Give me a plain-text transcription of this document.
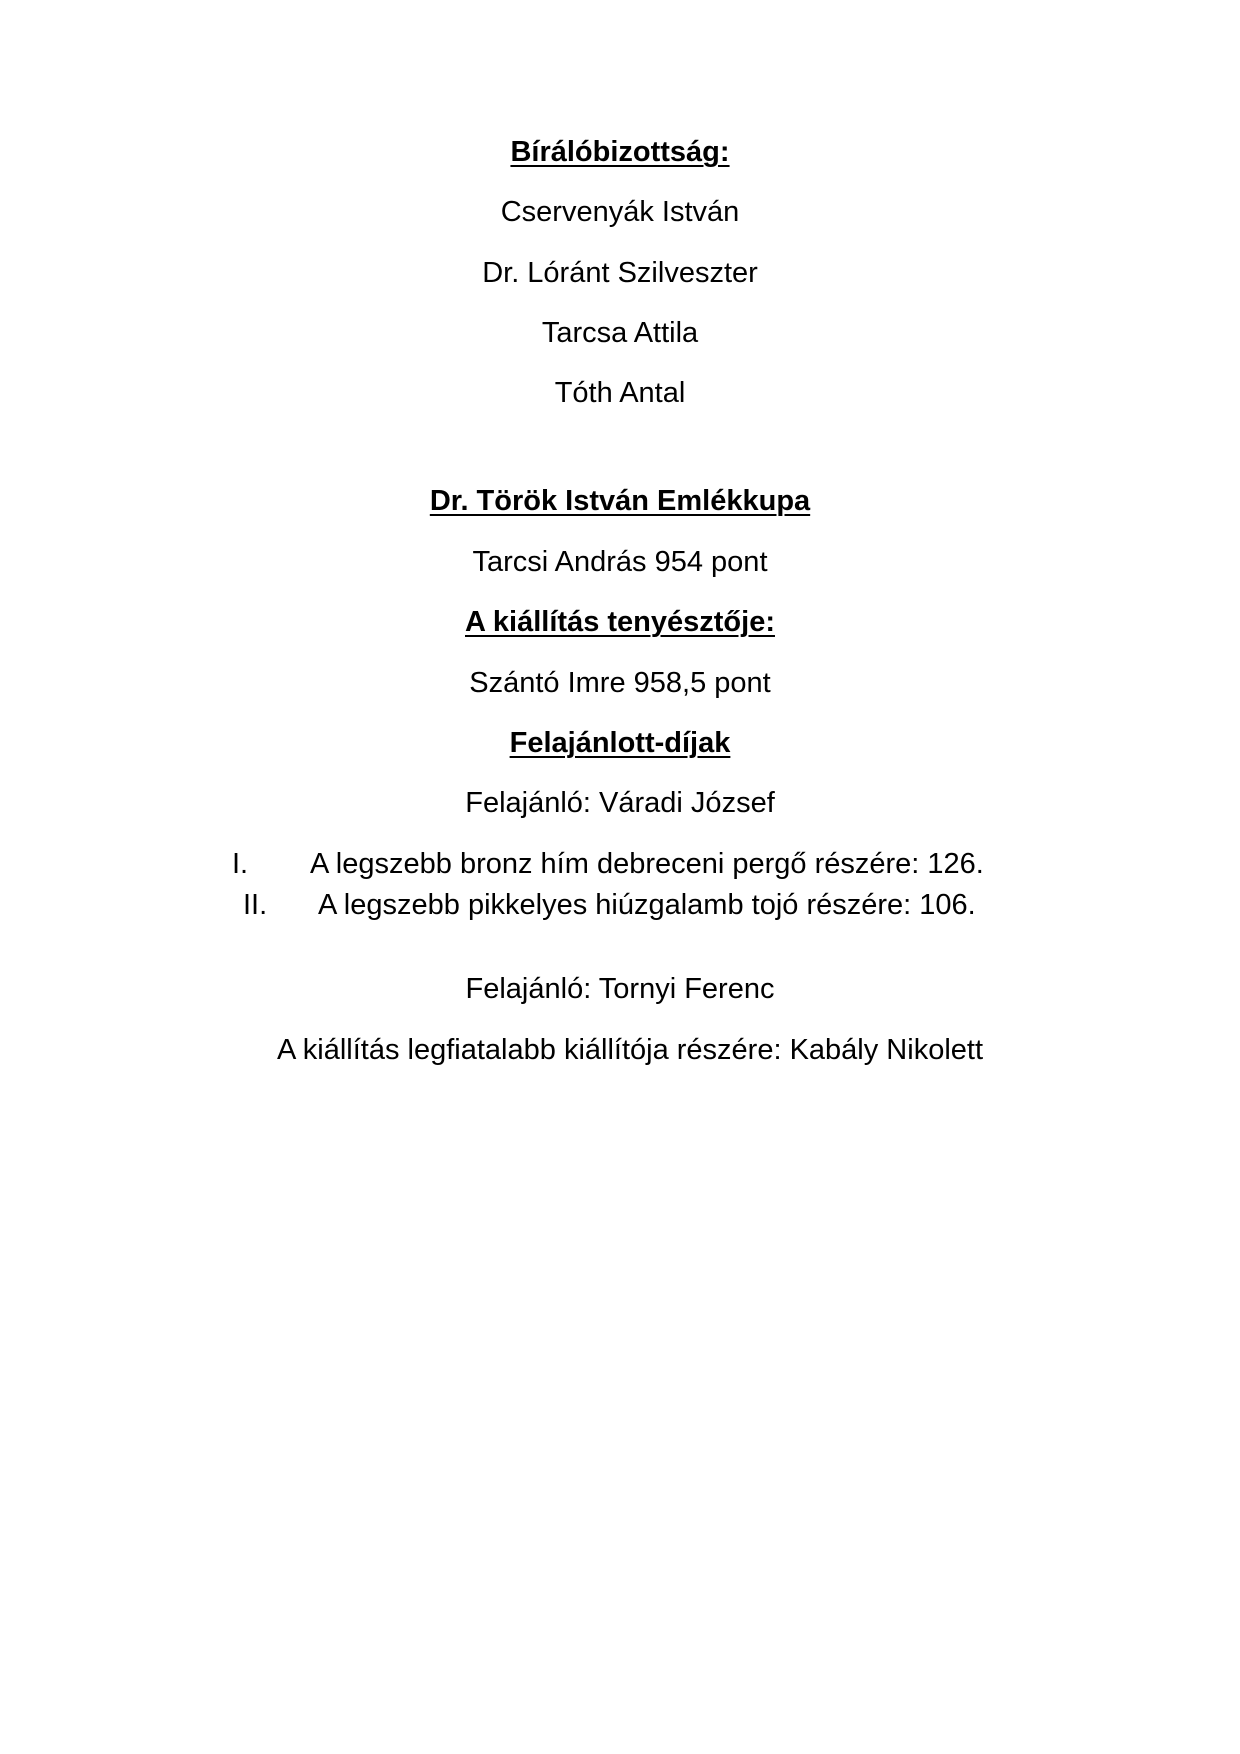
Bírálóbizottság:
Cservenyák István
Dr. Lóránt Szilveszter
Tarcsa Attila
Tóth Antal
Dr. Török István Emlékkupa
Tarcsi András 954 pont
A kiállítás tenyésztője:
Szántó Imre 958,5 pont
Felajánlott-díjak
Felajánló: Váradi József
I. A legszebb bronz hím debreceni pergő részére: 126.
II. A legszebb pikkelyes hiúzgalamb tojó részére: 106.
Felajánló: Tornyi Ferenc
A kiállítás legfiatalabb kiállítója részére: Kabály Nikolett
